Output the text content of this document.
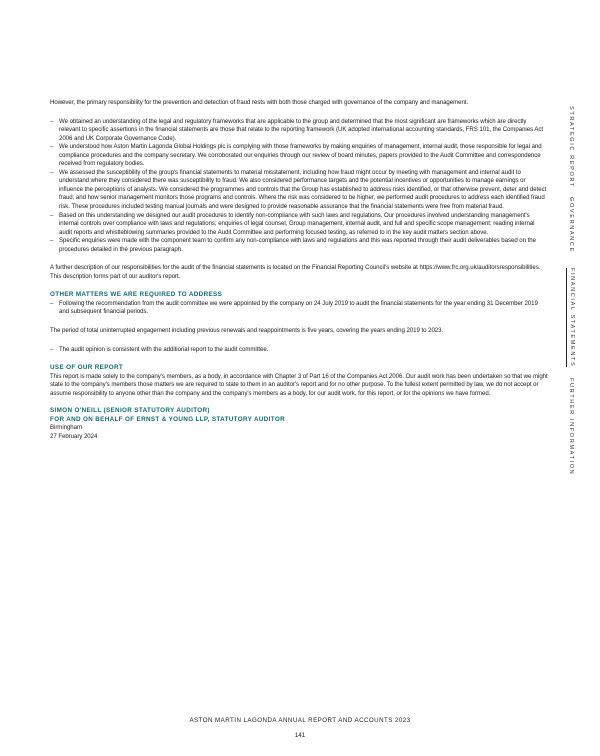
However, the primary responsibility for the prevention and detection of fraud rests with both those charged with governance of the company and management.

– We obtained an understanding of the legal and regulatory frameworks that are applicable to the group and determined that the most significant are frameworks which are directly relevant to specific assertions in the financial statements are those that relate to the reporting framework (UK adopted international accounting standards, FRS 101, the Companies Act 2006 and UK Corporate Governance Code).
– We understood how Aston Martin Lagonda Global Holdings plc is complying with those frameworks by making enquiries of management, internal audit, those responsible for legal and compliance procedures and the company secretary. We corroborated our enquiries through our review of board minutes, papers provided to the Audit Committee and correspondence received from regulatory bodies.
– We assessed the susceptibility of the group's financial statements to material misstatement, including how fraud might occur by meeting with management and internal audit to understand where they considered there was susceptibility to fraud. We also considered performance targets and the potential incentives or opportunities to manage earnings or influence the perceptions of analysts. We considered the programmes and controls that the Group has established to address risks identified, or that otherwise prevent, deter and detect fraud; and how senior management monitors those programs and controls. Where the risk was considered to be higher, we performed audit procedures to address each identified fraud risk. These procedures included testing manual journals and were designed to provide reasonable assurance that the financial statements were free from material fraud.
– Based on this understanding we designed our audit procedures to identify non-compliance with such laws and regulations. Our procedures involved understanding management's internal controls over compliance with laws and regulations; enquiries of legal counsel, Group management, internal audit, and full and specific scope management; reading internal audit reports and whistleblowing summaries provided to the Audit Committee and performing focused testing, as referred to in the key audit matters section above.
– Specific enquiries were made with the component team to confirm any non-compliance with laws and regulations and this was reported through their audit deliverables based on the procedures detailed in the previous paragraph.

A further description of our responsibilities for the audit of the financial statements is located on the Financial Reporting Council's website at https://www.frc.org.uk/auditorsresponsibilities. This description forms part of our auditor's report.

OTHER MATTERS WE ARE REQUIRED TO ADDRESS
– Following the recommendation from the audit committee we were appointed by the company on 24 July 2019 to audit the financial statements for the year ending 31 December 2019 and subsequent financial periods.

The period of total uninterrupted engagement including previous renewals and reappointments is five years, covering the years ending 2019 to 2023.

– The audit opinion is consistent with the additional report to the audit committee.
USE OF OUR REPORT

This report is made solely to the company's members, as a body, in accordance with Chapter 3 of Part 16 of the Companies Act 2006. Our audit work has been undertaken so that we might state to the company's members those matters we are required to state to them in an auditor's report and for no other purpose. To the fullest extent permitted by law, we do not accept or assume responsibility to anyone other than the company and the company's members as a body, for our audit work, for this report, or for the opinions we have formed.

SIMON O'NEILL (SENIOR STATUTORY AUDITOR)
FOR AND ON BEHALF OF ERNST & YOUNG LLP, STATUTORY AUDITOR
Birmingham
27 February 2024
STRATEGIC REPORT
GOVERNANCE
FINANCIAL STATEMENTS
FURTHER INFORMATION
ASTON MARTIN LAGONDA ANNUAL REPORT AND ACCOUNTS 2023
141
